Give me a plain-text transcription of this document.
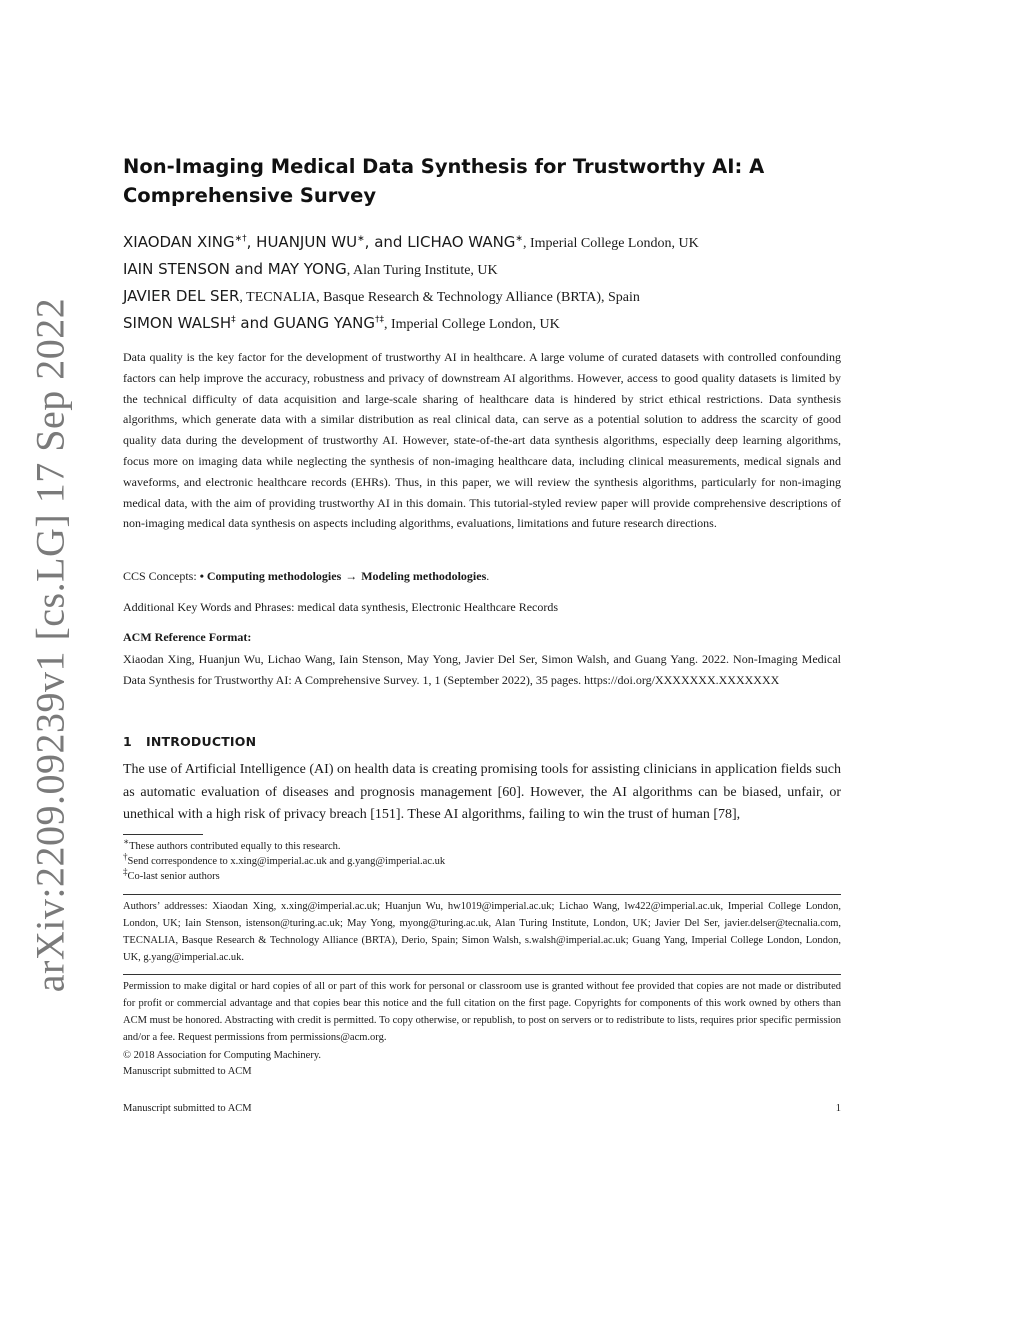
arXiv:2209.09239v1 [cs.LG] 17 Sep 2022
Non-Imaging Medical Data Synthesis for Trustworthy AI: A Comprehensive Survey
XIAODAN XING∗†, HUANJUN WU∗, and LICHAO WANG∗, Imperial College London, UK
IAIN STENSON and MAY YONG, Alan Turing Institute, UK
JAVIER DEL SER, TECNALIA, Basque Research & Technology Alliance (BRTA), Spain
SIMON WALSH‡ and GUANG YANG†‡, Imperial College London, UK

Data quality is the key factor for the development of trustworthy AI in healthcare. A large volume of curated datasets with controlled confounding factors can help improve the accuracy, robustness and privacy of downstream AI algorithms. However, access to good quality datasets is limited by the technical difficulty of data acquisition and large-scale sharing of healthcare data is hindered by strict ethical restrictions. Data synthesis algorithms, which generate data with a similar distribution as real clinical data, can serve as a potential solution to address the scarcity of good quality data during the development of trustworthy AI. However, state-of-the-art data synthesis algorithms, especially deep learning algorithms, focus more on imaging data while neglecting the synthesis of non-imaging healthcare data, including clinical measurements, medical signals and waveforms, and electronic healthcare records (EHRs). Thus, in this paper, we will review the synthesis algorithms, particularly for non-imaging medical data, with the aim of providing trustworthy AI in this domain. This tutorial-styled review paper will provide comprehensive descriptions of non-imaging medical data synthesis on aspects including algorithms, evaluations, limitations and future research directions.

CCS Concepts: • Computing methodologies → Modeling methodologies.
Additional Key Words and Phrases: medical data synthesis, Electronic Healthcare Records
ACM Reference Format:

Xiaodan Xing, Huanjun Wu, Lichao Wang, Iain Stenson, May Yong, Javier Del Ser, Simon Walsh, and Guang Yang. 2022. Non-Imaging Medical Data Synthesis for Trustworthy AI: A Comprehensive Survey. 1, 1 (September 2022), 35 pages. https://doi.org/XXXXXXX.XXXXXXX

1 INTRODUCTION

The use of Artificial Intelligence (AI) on health data is creating promising tools for assisting clinicians in application fields such as automatic evaluation of diseases and prognosis management [60]. However, the AI algorithms can be biased, unfair, or unethical with a high risk of privacy breach [151]. These AI algorithms, failing to win the trust of human [78],

∗These authors contributed equally to this research.
†Send correspondence to x.xing@imperial.ac.uk and g.yang@imperial.ac.uk
‡Co-last senior authors

Authors’ addresses: Xiaodan Xing, x.xing@imperial.ac.uk; Huanjun Wu, hw1019@imperial.ac.uk; Lichao Wang, lw422@imperial.ac.uk, Imperial College London, London, UK; Iain Stenson, istenson@turing.ac.uk; May Yong, myong@turing.ac.uk, Alan Turing Institute, London, UK; Javier Del Ser, javier.delser@tecnalia.com, TECNALIA, Basque Research & Technology Alliance (BRTA), Derio, Spain; Simon Walsh, s.walsh@imperial.ac.uk; Guang Yang, Imperial College London, London, UK, g.yang@imperial.ac.uk.

Permission to make digital or hard copies of all or part of this work for personal or classroom use is granted without fee provided that copies are not made or distributed for profit or commercial advantage and that copies bear this notice and the full citation on the first page. Copyrights for components of this work owned by others than ACM must be honored. Abstracting with credit is permitted. To copy otherwise, or republish, to post on servers or to redistribute to lists, requires prior specific permission and/or a fee. Request permissions from permissions@acm.org.

© 2018 Association for Computing Machinery.
Manuscript submitted to ACM
Manuscript submitted to ACM	1
